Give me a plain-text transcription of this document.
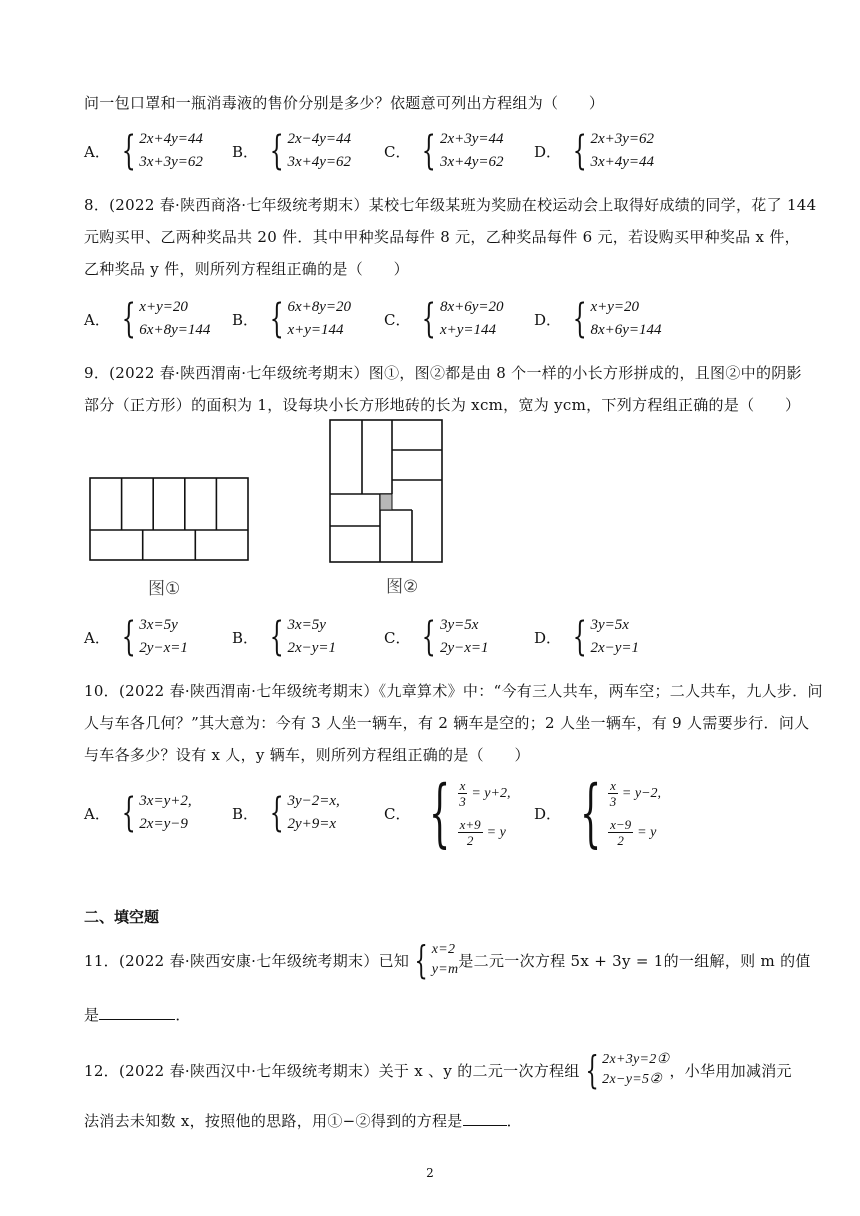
问一包口罩和一瓶消毒液的售价分别是多少？依题意可列出方程组为（　　）
A． { 2x+4y=44
3x+3y=62
B． { 2x−4y=44
3x+4y=62
C． { 2x+3y=44
3x+4y=62
D． { 2x+3y=62
3x+4y=44
8．(2022 春·陕西商洛·七年级统考期末）某校七年级某班为奖励在校运动会上取得好成绩的同学，花了 144
元购买甲、乙两种奖品共 20 件．其中甲种奖品每件 8 元，乙种奖品每件 6 元，若设购买甲种奖品 x 件，
乙种奖品 y 件，则所列方程组正确的是（　　）
A． { x+y=20
6x+8y=144
B． { 6x+8y=20
x+y=144
C． { 8x+6y=20
x+y=144
D． { x+y=20
8x+6y=144
9．(2022 春·陕西渭南·七年级统考期末）图①，图②都是由 8 个一样的小长方形拼成的，且图②中的阴影
部分（正方形）的面积为 1，设每块小长方形地砖的长为 xcm，宽为 ycm，下列方程组正确的是（　　）
图①	图②
A． { 3x=5y
2y−x=1
B． { 3x=5y
2x−y=1
C． { 3y=5x
2y−x=1
D． { 3y=5x
2x−y=1
10．(2022 春·陕西渭南·七年级统考期末）《九章算术》中：“今有三人共车，两车空；二人共车，九人步．问
人与车各几何？”其大意为：今有 3 人坐一辆车，有 2 辆车是空的；2 人坐一辆车，有 9 人需要步行．问人
与车各多少？设有 x 人，y 辆车，则所列方程组正确的是（　　）
A． { 3x=y+2,
2x=y−9
B． { 3y−2=x,
2y+9=x
C． { $\frac{x}{3} = y+2$,
$\frac{x+9}{2} = y$
D． { $\frac{x}{3} = y-2$,
$\frac{x-9}{2} = y$
二、填空题
11．(2022 春·陕西安康·七年级统考期末）已知 { x=2
y=m 是二元一次方程 5x + 3y = 1的一组解，则 m 的值
是	．
12．(2022 春·陕西汉中·七年级统考期末）关于 x 、y 的二元一次方程组 { 2x+3y=2①
2x−y=5② ，小华用加减消元
法消去未知数 x，按照他的思路，用①−②得到的方程是	．
2
